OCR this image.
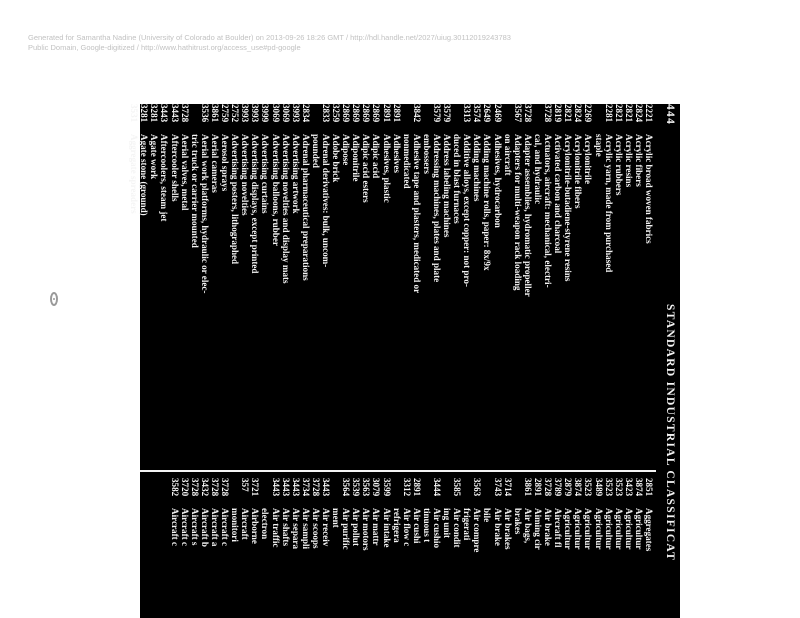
Generated for Samantha Nadine (University of Colorado at Boulder) on 2013-09-26 18:26 GMT / http://hdl.handle.net/2027/uiug.30112019243783
Public Domain, Google-digitized / http://www.hathitrust.org/access_use#pd-google
444
STANDARD INDUSTRIAL CLASSIFICAT
2221
Acrylic broad woven fabrics
2824
Acrylic fibers
2821
Acrylic resins
2821
Acrylic rubbers
2281
Acrylic yarn, made from purchased
staple
2269
Acrylonitrile
2824
Acrylonitrile fibers
2821
Acrylonitrile-butadiene-styrene resins
2819
Activated carbon and charcoal
3728
Actuators, aircraft: mechanical, electri-
cal, and hydraulic
3728
Adapter assemblies, hydromatic propeller
3567
Adapters for multi-weapon rack loading
on aircraft
2469
Adhesives, hydrocarbon
2649
Adding machine rolls, paper: 8x/9x
3574
Adding machines
3313
Additive alloys, except copper: not pro-
duced in blast furnaces
3579
Address labeling machines
3579
Addressing machines, plates and plate
embossers
3842
Adhesive tape and plasters, medicated or
nonmedicated
2891
Adhesives
2891
Adhesives, plastic
2869
Adipic acid
2869
Adipic acid esters
2869
Adiponitrile
2869
Adipose
3259
Adobe brick
2833
Adrenal derivatives: bulk, uncom-
pounded
2834
Adrenal pharmaceutical preparations
3993
Advertising artwork
3069
Advertising novelties and display mats
3069
Advertising balloons, rubber
3999
Advertising curtains
3993
Advertising displays, except printed
3993
Advertising novelties
2752
Advertising posters, lithographed
2759
Aerosol sprays
3861
Aerial cameras
3536
Aerial work platforms, hydraulic or elec-
tric truck or carrier mounted
3728
Aerial valves, metal
3443
Aftercooler shells
3443
Aftercoolers, steam jet
3281
Agate work
3281
Agate stone (ground)
3531
Aggregate spreaders
2851
Aggregates
3874
Agricultur
3423
Agricultur
3523
Agricultur
3523
Agricultur
3489
Agricultur
3523
Agricultur
3874
Agricultur
2879
Agricultur
3789
Aircraft fl
3728
Air brake
2891
Aiming cir
3861
Air bags,
brakes
3714
Air brakes
3743
Air brake
bile
3563
Air compre
frigerati
3585
Air condit
ing unit
3444
Air cushio
tinuous t
2891
Air cushi
3312
Air flow c
refrigera
3599
Air intake
3079
Air mattr
3563
Air motors
3539
Air pollut
3564
Air purific
ment
3443
Air receiv
3728
Air scoops
3734
Air sampli
3443
Air separa
3443
Air shafts
3443
Air traffic
electron
3721
Airborne
357
Aircraft
monitori
3728
Aircraft c
3728
Aircraft a
3432
Aircraft b
3728
Aircraft s
3720
Aircraft c
3582
Aircraft c
